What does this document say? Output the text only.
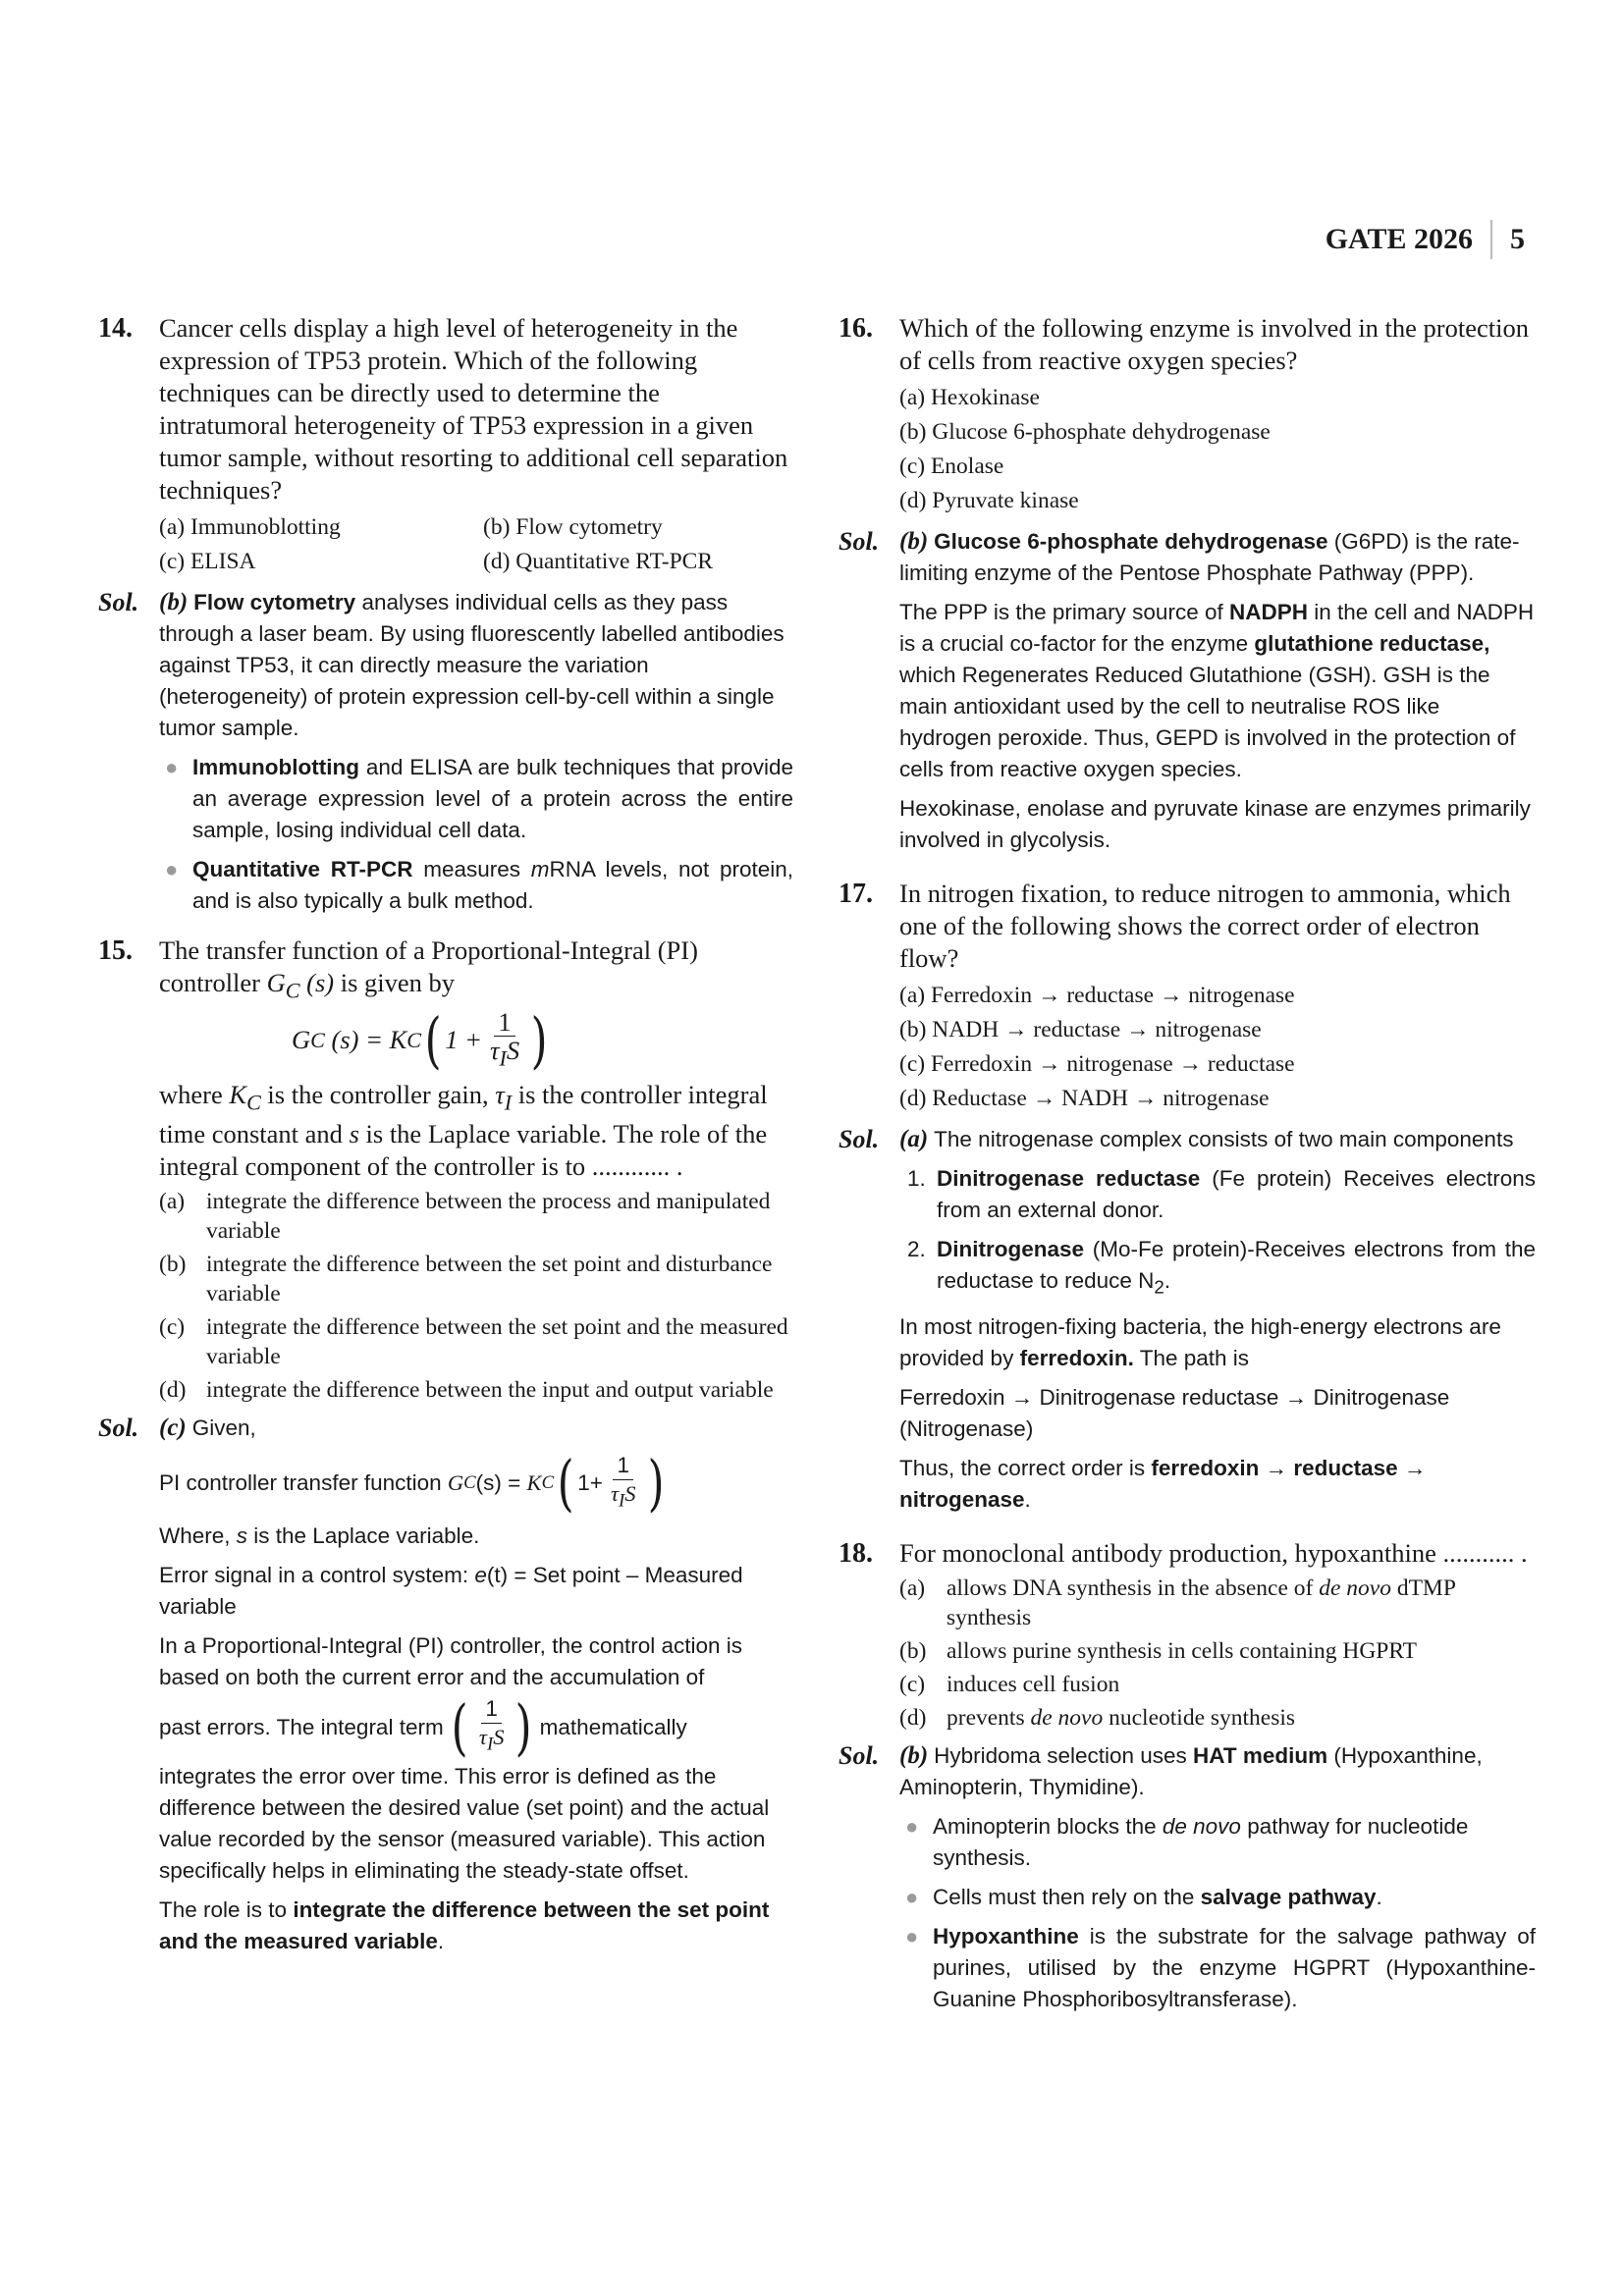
GATE 2026 5
14. Cancer cells display a high level of heterogeneity in the expression of TP53 protein. Which of the following techniques can be directly used to determine the intratumoral heterogeneity of TP53 expression in a given tumor sample, without resorting to additional cell separation techniques?
(a) Immunoblotting	(b) Flow cytometry
(c) ELISA	(d) Quantitative RT-PCR
Sol. (b) Flow cytometry analyses individual cells as they pass through a laser beam. By using fluorescently labelled antibodies against TP53, it can directly measure the variation (heterogeneity) of protein expression cell-by-cell within a single tumor sample.

● Immunoblotting and ELISA are bulk techniques that provide an average expression level of a protein across the entire sample, losing individual cell data.
● Quantitative RT-PCR measures mRNA levels, not protein, and is also typically a bulk method.
15. The transfer function of a Proportional-Integral (PI) controller $G_C$ (s) is given by
G C (s) = K C ( $1 + \frac{1}{\tau_IS}$ )
where $K_C$ is the controller gain, $\tau_I$ is the controller integral time constant and s is the Laplace variable. The role of the integral component of the controller is to ............ .
(a) integrate the difference between the process and manipulated variable
(b) integrate the difference between the set point and disturbance variable
(c) integrate the difference between the set point and the measured variable
(d) integrate the difference between the input and output variable
Sol. (c) Given,

PI controller transfer function G C (s) = K C ( $1+ \frac{1}{\tau_IS}$ )

Where, s is the Laplace variable.

Error signal in a control system: e(t) = Set point – Measured variable

In a Proportional-Integral (PI) controller, the control action is based on both the current error and the accumulation of

past errors. The integral term ( $\frac{1}{\tau_IS}$ ) mathematically

integrates the error over time. This error is defined as the difference between the desired value (set point) and the actual value recorded by the sensor (measured variable). This action specifically helps in eliminating the steady-state offset.

The role is to integrate the difference between the set point and the measured variable.

16. Which of the following enzyme is involved in the protection of cells from reactive oxygen species?
(a) Hexokinase
(b) Glucose 6-phosphate dehydrogenase
(c) Enolase
(d) Pyruvate kinase
Sol. (b) Glucose 6-phosphate dehydrogenase (G6PD) is the rate-limiting enzyme of the Pentose Phosphate Pathway (PPP).

The PPP is the primary source of NADPH in the cell and NADPH is a crucial co-factor for the enzyme glutathione reductase, which Regenerates Reduced Glutathione (GSH). GSH is the main antioxidant used by the cell to neutralise ROS like hydrogen peroxide. Thus, GEPD is involved in the protection of cells from reactive oxygen species.

Hexokinase, enolase and pyruvate kinase are enzymes primarily involved in glycolysis.

17. In nitrogen fixation, to reduce nitrogen to ammonia, which one of the following shows the correct order of electron flow?
(a) Ferredoxin → reductase → nitrogenase
(b) NADH → reductase → nitrogenase
(c) Ferredoxin → nitrogenase → reductase
(d) Reductase → NADH → nitrogenase
Sol. (a) The nitrogenase complex consists of two main components

1. Dinitrogenase reductase (Fe protein) Receives electrons from an external donor.
2. Dinitrogenase (Mo-Fe protein)-Receives electrons from the reductase to reduce $N_2$.

In most nitrogen-fixing bacteria, the high-energy electrons are provided by ferredoxin. The path is

Ferredoxin → Dinitrogenase reductase → Dinitrogenase (Nitrogenase)

Thus, the correct order is ferredoxin → reductase → nitrogenase.

18. For monoclonal antibody production, hypoxanthine ........... .
(a) allows DNA synthesis in the absence of de novo dTMP synthesis
(b) allows purine synthesis in cells containing HGPRT
(c) induces cell fusion
(d) prevents de novo nucleotide synthesis
Sol. (b) Hybridoma selection uses HAT medium (Hypoxanthine, Aminopterin, Thymidine).

● Aminopterin blocks the de novo pathway for nucleotide synthesis.
● Cells must then rely on the salvage pathway.
● Hypoxanthine is the substrate for the salvage pathway of purines, utilised by the enzyme HGPRT (Hypoxanthine-Guanine Phosphoribosyltransferase).
